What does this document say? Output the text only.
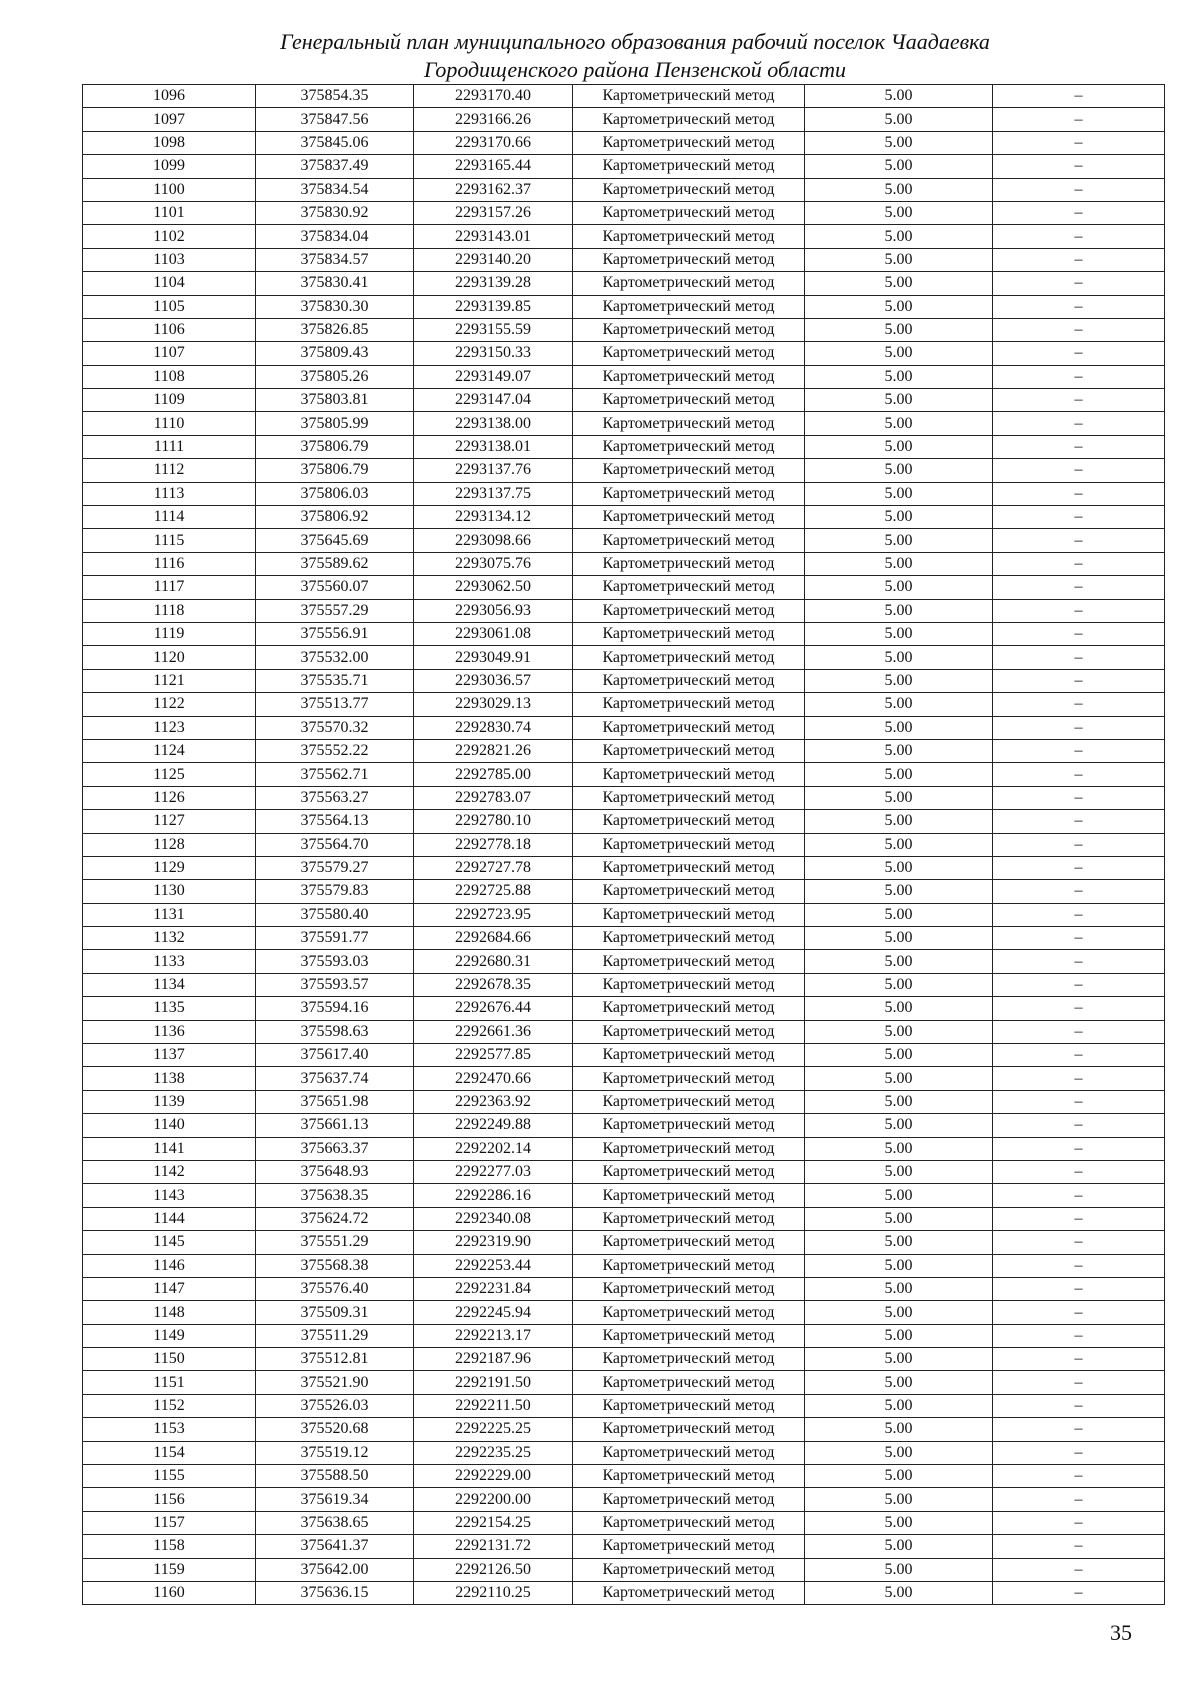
Генеральный план муниципального образования рабочий поселок Чаадаевка
Городищенского района Пензенской области
1096	375854.35	2293170.40	Картометрический метод	5.00	–
1097	375847.56	2293166.26	Картометрический метод	5.00	–
1098	375845.06	2293170.66	Картометрический метод	5.00	–
1099	375837.49	2293165.44	Картометрический метод	5.00	–
1100	375834.54	2293162.37	Картометрический метод	5.00	–
1101	375830.92	2293157.26	Картометрический метод	5.00	–
1102	375834.04	2293143.01	Картометрический метод	5.00	–
1103	375834.57	2293140.20	Картометрический метод	5.00	–
1104	375830.41	2293139.28	Картометрический метод	5.00	–
1105	375830.30	2293139.85	Картометрический метод	5.00	–
1106	375826.85	2293155.59	Картометрический метод	5.00	–
1107	375809.43	2293150.33	Картометрический метод	5.00	–
1108	375805.26	2293149.07	Картометрический метод	5.00	–
1109	375803.81	2293147.04	Картометрический метод	5.00	–
1110	375805.99	2293138.00	Картометрический метод	5.00	–
1111	375806.79	2293138.01	Картометрический метод	5.00	–
1112	375806.79	2293137.76	Картометрический метод	5.00	–
1113	375806.03	2293137.75	Картометрический метод	5.00	–
1114	375806.92	2293134.12	Картометрический метод	5.00	–
1115	375645.69	2293098.66	Картометрический метод	5.00	–
1116	375589.62	2293075.76	Картометрический метод	5.00	–
1117	375560.07	2293062.50	Картометрический метод	5.00	–
1118	375557.29	2293056.93	Картометрический метод	5.00	–
1119	375556.91	2293061.08	Картометрический метод	5.00	–
1120	375532.00	2293049.91	Картометрический метод	5.00	–
1121	375535.71	2293036.57	Картометрический метод	5.00	–
1122	375513.77	2293029.13	Картометрический метод	5.00	–
1123	375570.32	2292830.74	Картометрический метод	5.00	–
1124	375552.22	2292821.26	Картометрический метод	5.00	–
1125	375562.71	2292785.00	Картометрический метод	5.00	–
1126	375563.27	2292783.07	Картометрический метод	5.00	–
1127	375564.13	2292780.10	Картометрический метод	5.00	–
1128	375564.70	2292778.18	Картометрический метод	5.00	–
1129	375579.27	2292727.78	Картометрический метод	5.00	–
1130	375579.83	2292725.88	Картометрический метод	5.00	–
1131	375580.40	2292723.95	Картометрический метод	5.00	–
1132	375591.77	2292684.66	Картометрический метод	5.00	–
1133	375593.03	2292680.31	Картометрический метод	5.00	–
1134	375593.57	2292678.35	Картометрический метод	5.00	–
1135	375594.16	2292676.44	Картометрический метод	5.00	–
1136	375598.63	2292661.36	Картометрический метод	5.00	–
1137	375617.40	2292577.85	Картометрический метод	5.00	–
1138	375637.74	2292470.66	Картометрический метод	5.00	–
1139	375651.98	2292363.92	Картометрический метод	5.00	–
1140	375661.13	2292249.88	Картометрический метод	5.00	–
1141	375663.37	2292202.14	Картометрический метод	5.00	–
1142	375648.93	2292277.03	Картометрический метод	5.00	–
1143	375638.35	2292286.16	Картометрический метод	5.00	–
1144	375624.72	2292340.08	Картометрический метод	5.00	–
1145	375551.29	2292319.90	Картометрический метод	5.00	–
1146	375568.38	2292253.44	Картометрический метод	5.00	–
1147	375576.40	2292231.84	Картометрический метод	5.00	–
1148	375509.31	2292245.94	Картометрический метод	5.00	–
1149	375511.29	2292213.17	Картометрический метод	5.00	–
1150	375512.81	2292187.96	Картометрический метод	5.00	–
1151	375521.90	2292191.50	Картометрический метод	5.00	–
1152	375526.03	2292211.50	Картометрический метод	5.00	–
1153	375520.68	2292225.25	Картометрический метод	5.00	–
1154	375519.12	2292235.25	Картометрический метод	5.00	–
1155	375588.50	2292229.00	Картометрический метод	5.00	–
1156	375619.34	2292200.00	Картометрический метод	5.00	–
1157	375638.65	2292154.25	Картометрический метод	5.00	–
1158	375641.37	2292131.72	Картометрический метод	5.00	–
1159	375642.00	2292126.50	Картометрический метод	5.00	–
1160	375636.15	2292110.25	Картометрический метод	5.00	–
35
